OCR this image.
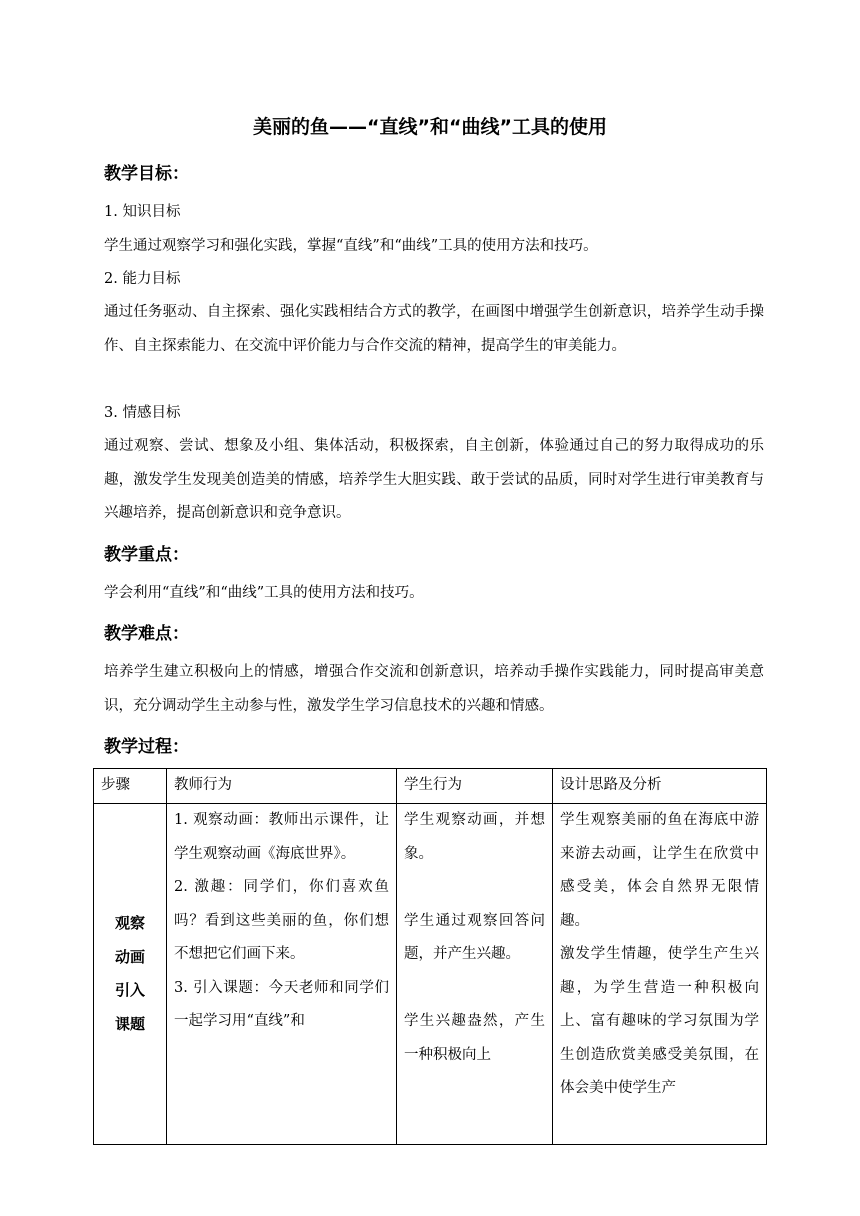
美丽的鱼——“直线”和“曲线”工具的使用
教学目标：

1. 知识目标

学生通过观察学习和强化实践，掌握“直线”和“曲线”工具的使用方法和技巧。

2. 能力目标

通过任务驱动、自主探索、强化实践相结合方式的教学，在画图中增强学生创新意识，培养学生动手操作、自主探索能力、在交流中评价能力与合作交流的精神，提高学生的审美能力。

3. 情感目标

通过观察、尝试、想象及小组、集体活动，积极探索，自主创新，体验通过自己的努力取得成功的乐趣，激发学生发现美创造美的情感，培养学生大胆实践、敢于尝试的品质，同时对学生进行审美教育与兴趣培养，提高创新意识和竞争意识。

教学重点：

学会利用“直线”和“曲线”工具的使用方法和技巧。

教学难点：

培养学生建立积极向上的情感，增强合作交流和创新意识，培养动手操作实践能力，同时提高审美意识，充分调动学生主动参与性，激发学生学习信息技术的兴趣和情感。

教学过程：
步骤	教师行为	学生行为	设计思路及分析

观察
动画
引入
课题	1. 观察动画：教师出示课件，让学生观察动画《海底世界》。
2. 激趣：同学们，你们喜欢鱼吗？看到这些美丽的鱼，你们想不想把它们画下来。
3. 引入课题：今天老师和同学们一起学习用“直线”和	学生观察动画，并想象。
学生通过观察回答问题，并产生兴趣。
学生兴趣盎然，产生一种积极向上	学生观察美丽的鱼在海底中游来游去动画，让学生在欣赏中感受美，体会自然界无限情趣。
激发学生情趣，使学生产生兴趣，为学生营造一种积极向上、富有趣味的学习氛围为学生创造欣赏美感受美氛围，在体会美中使学生产
